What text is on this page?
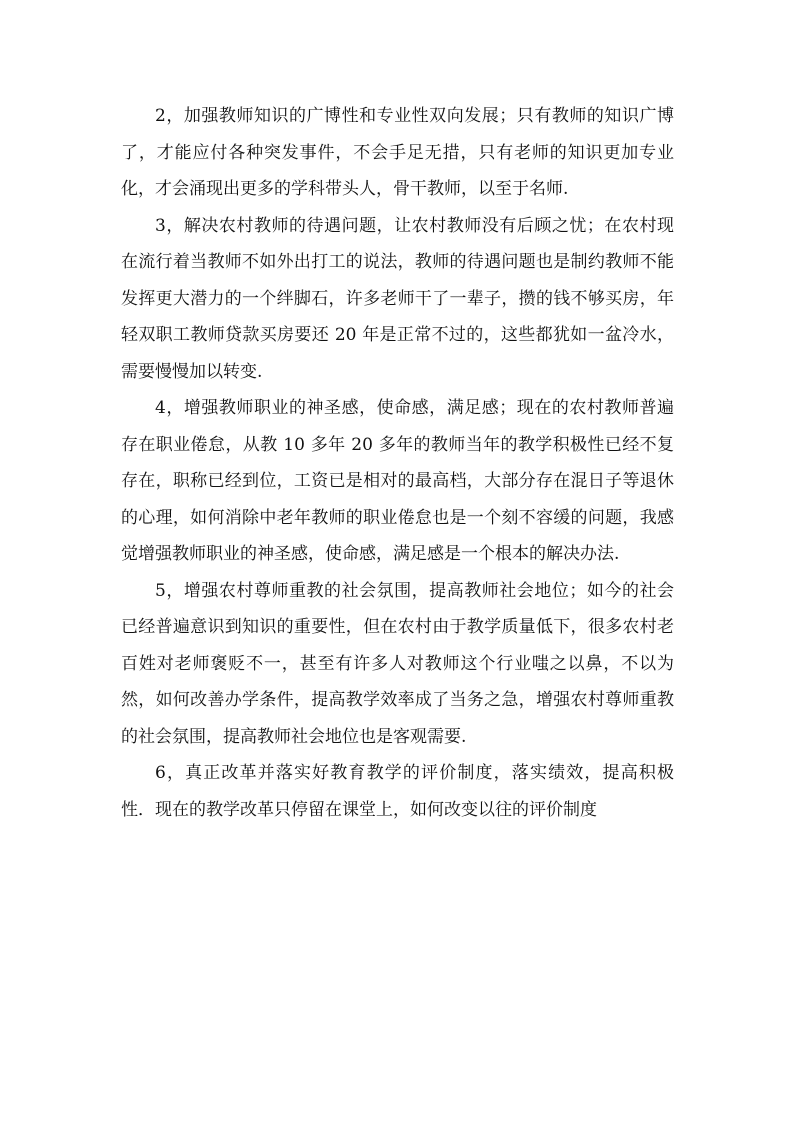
2，加强教师知识的广博性和专业性双向发展；只有教师的知识广博了，才能应付各种突发事件，不会手足无措，只有老师的知识更加专业化，才会涌现出更多的学科带头人，骨干教师，以至于名师.

3，解决农村教师的待遇问题，让农村教师没有后顾之忧；在农村现在流行着当教师不如外出打工的说法，教师的待遇问题也是制约教师不能发挥更大潜力的一个绊脚石，许多老师干了一辈子，攒的钱不够买房，年轻双职工教师贷款买房要还 20 年是正常不过的，这些都犹如一盆冷水，需要慢慢加以转变.

4，增强教师职业的神圣感，使命感，满足感；现在的农村教师普遍存在职业倦怠，从教 10 多年 20 多年的教师当年的教学积极性已经不复存在，职称已经到位，工资已是相对的最高档，大部分存在混日子等退休的心理，如何消除中老年教师的职业倦怠也是一个刻不容缓的问题，我感觉增强教师职业的神圣感，使命感，满足感是一个根本的解决办法.

5，增强农村尊师重教的社会氛围，提高教师社会地位；如今的社会已经普遍意识到知识的重要性，但在农村由于教学质量低下，很多农村老百姓对老师褒贬不一，甚至有许多人对教师这个行业嗤之以鼻，不以为然，如何改善办学条件，提高教学效率成了当务之急，增强农村尊师重教的社会氛围，提高教师社会地位也是客观需要.

6，真正改革并落实好教育教学的评价制度，落实绩效，提高积极性．现在的教学改革只停留在课堂上，如何改变以往的评价制度
